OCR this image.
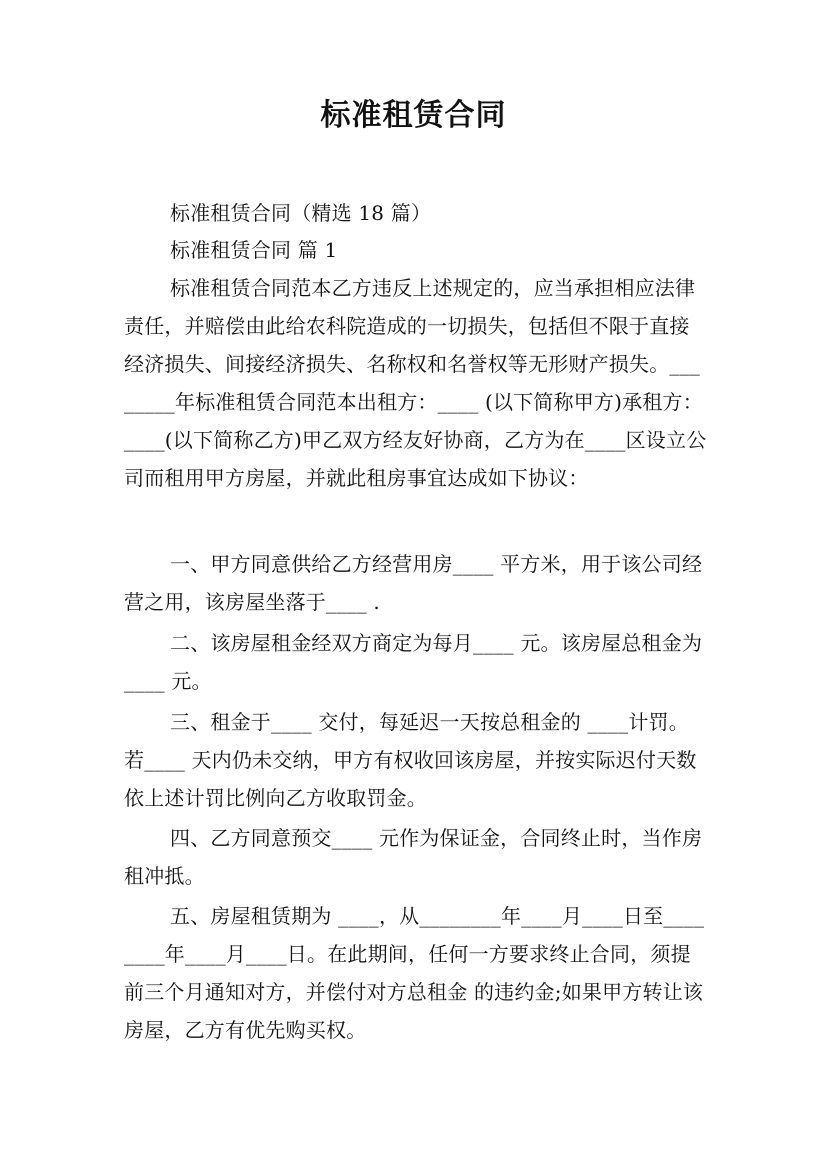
标准租赁合同
标准租赁合同（精选 18 篇）
标准租赁合同 篇 1
标准租赁合同范本乙方违反上述规定的，应当承担相应法律责任，并赔偿由此给农科院造成的一切损失，包括但不限于直接经济损失、间接经济损失、名称权和名誉权等无形财产损失。________年标准租赁合同范本出租方：____ (以下简称甲方)承租方： ____(以下简称乙方)甲乙双方经友好协商，乙方为在____区设立公司而租用甲方房屋，并就此租房事宜达成如下协议：
一、甲方同意供给乙方经营用房____ 平方米，用于该公司经营之用，该房屋坐落于____ .
二、该房屋租金经双方商定为每月____ 元。该房屋总租金为____ 元。
三、租金于____ 交付，每延迟一天按总租金的 ____计罚。若____ 天内仍未交纳，甲方有权收回该房屋，并按实际迟付天数依上述计罚比例向乙方收取罚金。
四、乙方同意预交____ 元作为保证金，合同终止时，当作房租冲抵。
五、房屋租赁期为 ____，从________年____月____日至________年____月____日。在此期间，任何一方要求终止合同，须提前三个月通知对方，并偿付对方总租金 的违约金;如果甲方转让该房屋，乙方有优先购买权。
